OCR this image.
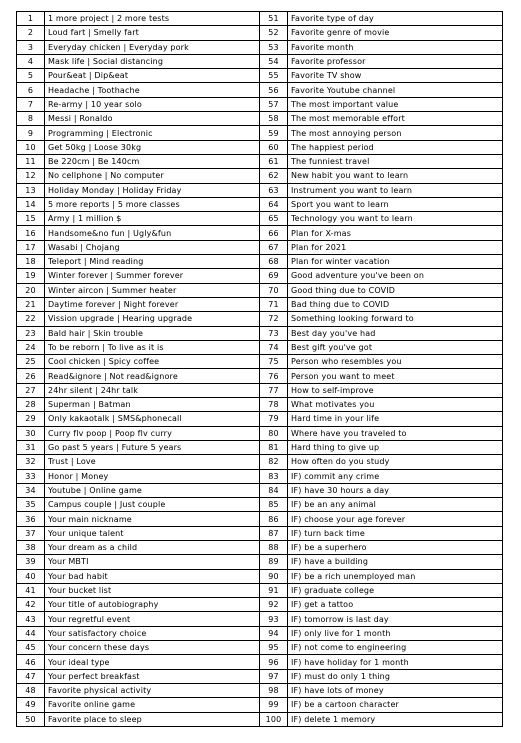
1	1 more project | 2 more tests	51	Favorite type of day
2	Loud fart | Smelly fart	52	Favorite genre of movie
3	Everyday chicken | Everyday pork	53	Favorite month
4	Mask life | Social distancing	54	Favorite professor
5	Pour&eat | Dip&eat	55	Favorite TV show
6	Headache | Toothache	56	Favorite Youtube channel
7	Re-army | 10 year solo	57	The most important value
8	Messi | Ronaldo	58	The most memorable effort
9	Programming | Electronic	59	The most annoying person
10	Get 50kg | Loose 30kg	60	The happiest period
11	Be 220cm | Be 140cm	61	The funniest travel
12	No cellphone | No computer	62	New habit you want to learn
13	Holiday Monday | Holiday Friday	63	Instrument you want to learn
14	5 more reports | 5 more classes	64	Sport you want to learn
15	Army | 1 million $	65	Technology you want to learn
16	Handsome&no fun | Ugly&fun	66	Plan for X-mas
17	Wasabi | Chojang	67	Plan for 2021
18	Teleport | Mind reading	68	Plan for winter vacation
19	Winter forever | Summer forever	69	Good adventure you've been on
20	Winter aircon | Summer heater	70	Good thing due to COVID
21	Daytime forever | Night forever	71	Bad thing due to COVID
22	Vission upgrade | Hearing upgrade	72	Something looking forward to
23	Bald hair | Skin trouble	73	Best day you've had
24	To be reborn | To live as it is	74	Best gift you've got
25	Cool chicken | Spicy coffee	75	Person who resembles you
26	Read&ignore | Not read&ignore	76	Person you want to meet
27	24hr silent | 24hr talk	77	How to self-improve
28	Superman | Batman	78	What motivates you
29	Only kakaotalk | SMS&phonecall	79	Hard time in your life
30	Curry flv poop | Poop flv curry	80	Where have you traveled to
31	Go past 5 years | Future 5 years	81	Hard thing to give up
32	Trust | Love	82	How often do you study
33	Honor | Money	83	IF) commit any crime
34	Youtube | Online game	84	IF) have 30 hours a day
35	Campus couple | Just couple	85	IF) be an any animal
36	Your main nickname	86	IF) choose your age forever
37	Your unique talent	87	IF) turn back time
38	Your dream as a child	88	IF) be a superhero
39	Your MBTI	89	IF) have a building
40	Your bad habit	90	IF) be a rich unemployed man
41	Your bucket list	91	IF) graduate college
42	Your title of autobiography	92	IF) get a tattoo
43	Your regretful event	93	IF) tomorrow is last day
44	Your satisfactory choice	94	IF) only live for 1 month
45	Your concern these days	95	IF) not come to engineering
46	Your ideal type	96	IF) have holiday for 1 month
47	Your perfect breakfast	97	IF) must do only 1 thing
48	Favorite physical activity	98	IF) have lots of money
49	Favorite online game	99	IF) be a cartoon character
50	Favorite place to sleep	100	IF) delete 1 memory
